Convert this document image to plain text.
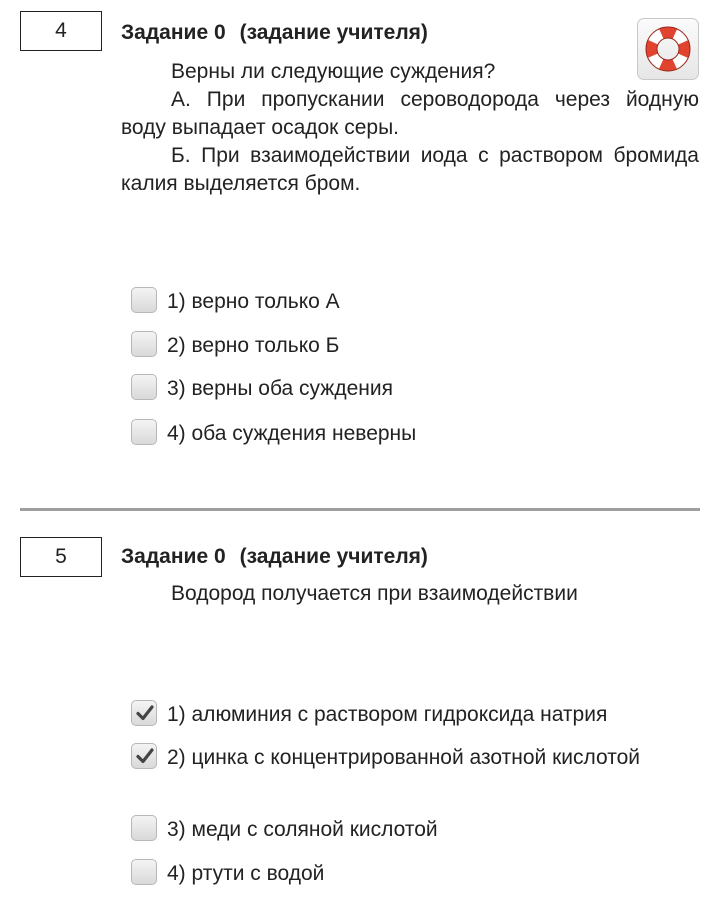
4	Задание 0 (задание учителя)

Верны ли следующие суждения?

А. При пропускании сероводорода через йодную воду выпадает осадок серы.

Б. При взаимодействии иода с раствором бромида калия выделяется бром.

1) верно только А
2) верно только Б
3) верны оба суждения
4) оба суждения неверны
5	Задание 0 (задание учителя)

Водород получается при взаимодействии

1) алюминия с раствором гидроксида натрия
2) цинка с концентрированной азотной кислотой
3) меди с соляной кислотой
4) ртути с водой
